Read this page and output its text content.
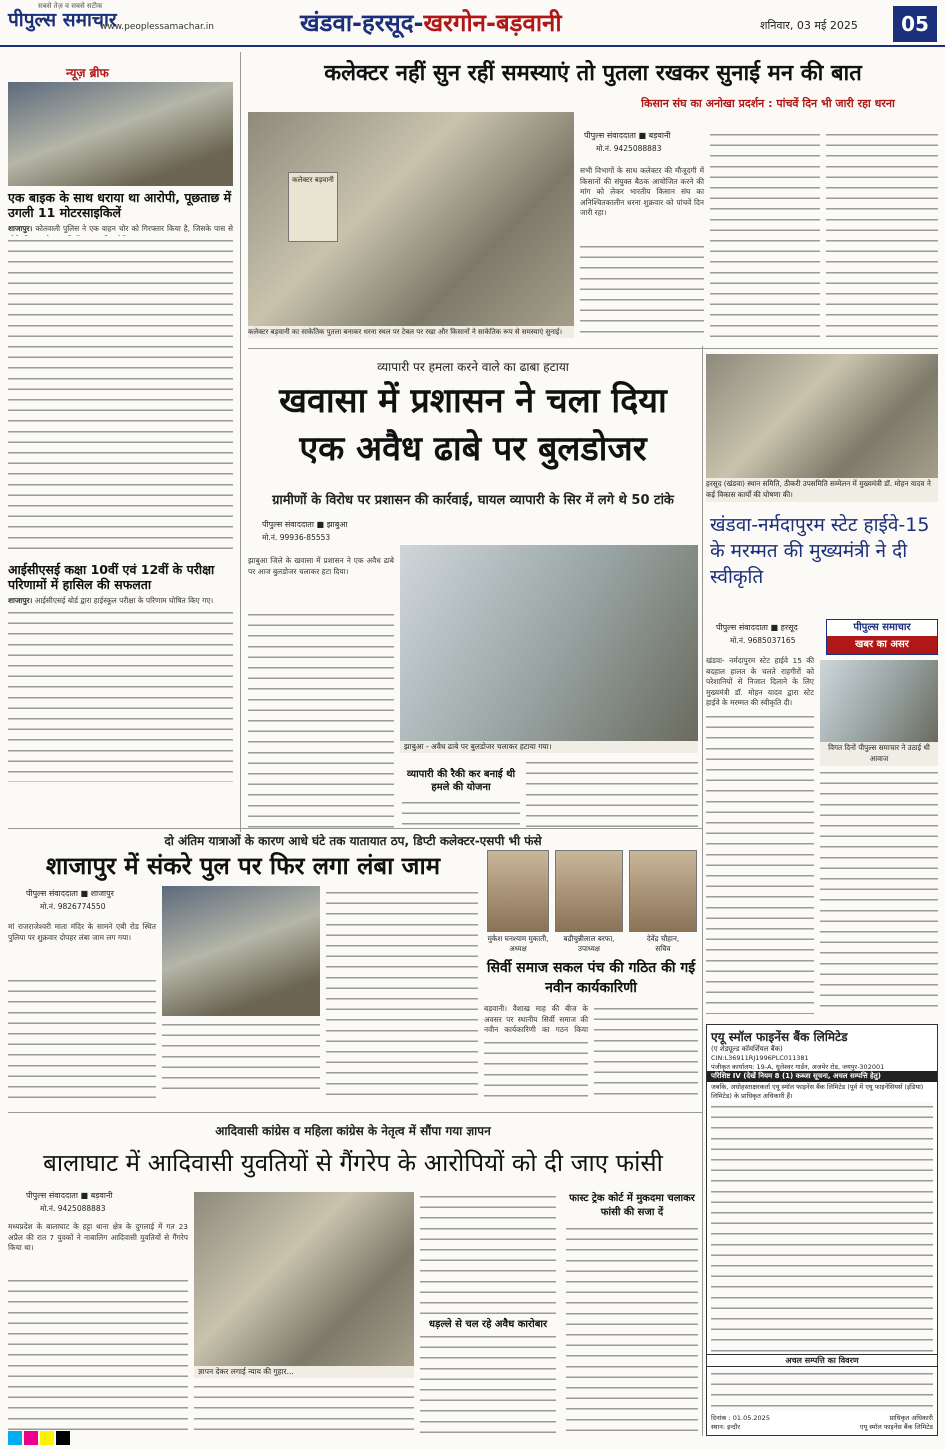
सबसे तेज़ व सबसे सटीक
पीपुल्स समाचार
www.peoplessamachar.in	खंडवा-हरसूद-खरगोन-बड़वानी	शनिवार, 03 मई 2025	05
न्यूज़ ब्रीफ
एक बाइक के साथ धराया था आरोपी, पूछताछ में उगली 11 मोटरसाइकिलें
शाजापुर। कोतवाली पुलिस ने एक वाहन चोर को गिरफ्तार किया है, जिसके पास से
आईसीएसई कक्षा 10वीं एवं 12वीं के परीक्षा परिणामों में हासिल की सफलता
शाजापुर। आईसीएसई बोर्ड द्वारा हाईस्कूल परीक्षा के परिणाम घोषित किए गए।
कलेक्टर नहीं सुन रहीं समस्याएं तो पुतला रखकर सुनाई मन की बात
किसान संघ का अनोखा प्रदर्शन : पांचवें दिन भी जारी रहा धरना
कलेक्टर बड़वानी
कलेक्टर बड़वानी का साकेतिक पुतला बनाकर धरना स्थल पर टेबल पर रखा और किसानों ने साकेतिक रूप से समस्याएं सुनाई।
पीपुल्स संवाददाता ■ बड़वानी
मो.नं. 9425088883
सभी विभागों के साथ कलेक्टर की मौजूदगी में किसानों की संयुक्त बैठक आयोजित करने की मांग को लेकर भारतीय किसान संघ का अनिश्चितकालीन धरना शुक्रवार को पांचवें दिन जारी रहा।
व्यापारी पर हमला करने वाले का ढाबा हटाया
खवासा में प्रशासन ने चला दिया
एक अवैध ढाबे पर बुलडोजर
ग्रामीणों के विरोध पर प्रशासन की कार्रवाई, घायल व्यापारी के सिर में लगे थे 50 टांके
पीपुल्स संवाददाता ■ झाबुआ
मो.नं. 99936-85553
झाबुआ जिले के खवासा में प्रशासन ने एक अवैध ढाबे पर आज बुलडोजर चलाकर हटा दिया।
झाबुआ - अवैध ढाबे पर बुलडोजर चलाकर हटाया गया।
व्यापारी की रैकी कर बनाई थी हमले की योजना
हरसूद (खंडवा) स्थान समिति, ठीकरी उपसमिति सम्मेलन में मुख्यमंत्री डॉ. मोहन यादव ने कई विकास कार्यों की घोषणा की।
खंडवा-नर्मदापुरम स्टेट हाईवे-15 के मरम्मत की मुख्यमंत्री ने दी स्वीकृति
पीपुल्स संवाददाता ■ हरसूद
मो.नं. 9685037165
पीपुल्स समाचार
खबर का असर
खंडवा- नर्मदापुरम स्टेट हाईवे 15 की बदहाल हालत के चलते राहगीरों को परेशानियों से निजात दिलाने के लिए मुख्यमंत्री डॉ. मोहन यादव द्वारा स्टेट हाईवे के मरम्मत की स्वीकृति दी।
विगत दिनों पीपुल्स समाचार ने उठाई थी आवाज
दो अंतिम यात्राओं के कारण आधे घंटे तक यातायात ठप, डिप्टी कलेक्टर-एसपी भी फंसे
शाजापुर में संकरे पुल पर फिर लगा लंबा जाम
पीपुल्स संवाददाता ■ शाजापुर
मो.नं. 9826774550
मां राजराजेश्वरी माता मंदिर के सामने एबी रोड स्थित पुलिया पर शुक्रवार दोपहर लंबा जाम लग गया।	मुकेश घनश्याम मुकाती,
अध्यक्ष
बद्रीचुन्नीलाल बरफा,
उपाध्यक्ष
देवेंद्र चौहान,
सचिव
सिर्वी समाज सकल पंच की गठित की गई नवीन कार्यकारिणी
बड़वानी। वैशाख माह की बीज के अवसर पर स्थानीय सिर्वी समाज की नवीन कार्यकारिणी का गठन किया
आदिवासी कांग्रेस व महिला कांग्रेस के नेतृत्व में सौंपा गया ज्ञापन
बालाघाट में आदिवासी युवतियों से गैंगरेप के आरोपियों को दी जाए फांसी
पीपुल्स संवाददाता ■ बड़वानी
मो.नं. 9425088883
मध्यप्रदेश के बालाघाट के हट्टा थाना क्षेत्र के दुगलाई में गत 23 अप्रैल की रात 7 युवकों ने नाबालिग आदिवासी युवतियों से गैंगरेप किया था।
ज्ञापन देकर लगाई न्याय की गुहार...
धड़ल्ले से चल रहे अवैध कारोबार
फास्ट ट्रेक कोर्ट में मुकदमा चलाकर फांसी की सजा दें
एयू स्मॉल फाइनेंस बैंक लिमिटेड
(ए शेड्यूल्ड कॉमर्शियल बैंक)
CIN:L36911RJ1996PLC011381
पंजीकृत कार्यालय: 19-A, धुलेश्वर गार्डन, अजमेर रोड, जयपुर-302001
परिशिष्ट IV (देखें नियम 8 (1) कब्जा सूचना, अचल सम्पत्ति हेतु)
जबकि, अधोहस्ताक्षरकर्ता एयू स्मॉल फाइनेंस बैंक लिमिटेड (पूर्व में एयू फाइनेंसियर्स (इंडिया) लिमिटेड) के प्राधिकृत अधिकारी हैं।
अचल सम्पत्ति का विवरण
दिनांक : 01.05.2025	प्राधिकृत अधिकारी
स्थान: इन्दौर	एयू स्मॉल फाइनेंस बैंक लिमिटेड
